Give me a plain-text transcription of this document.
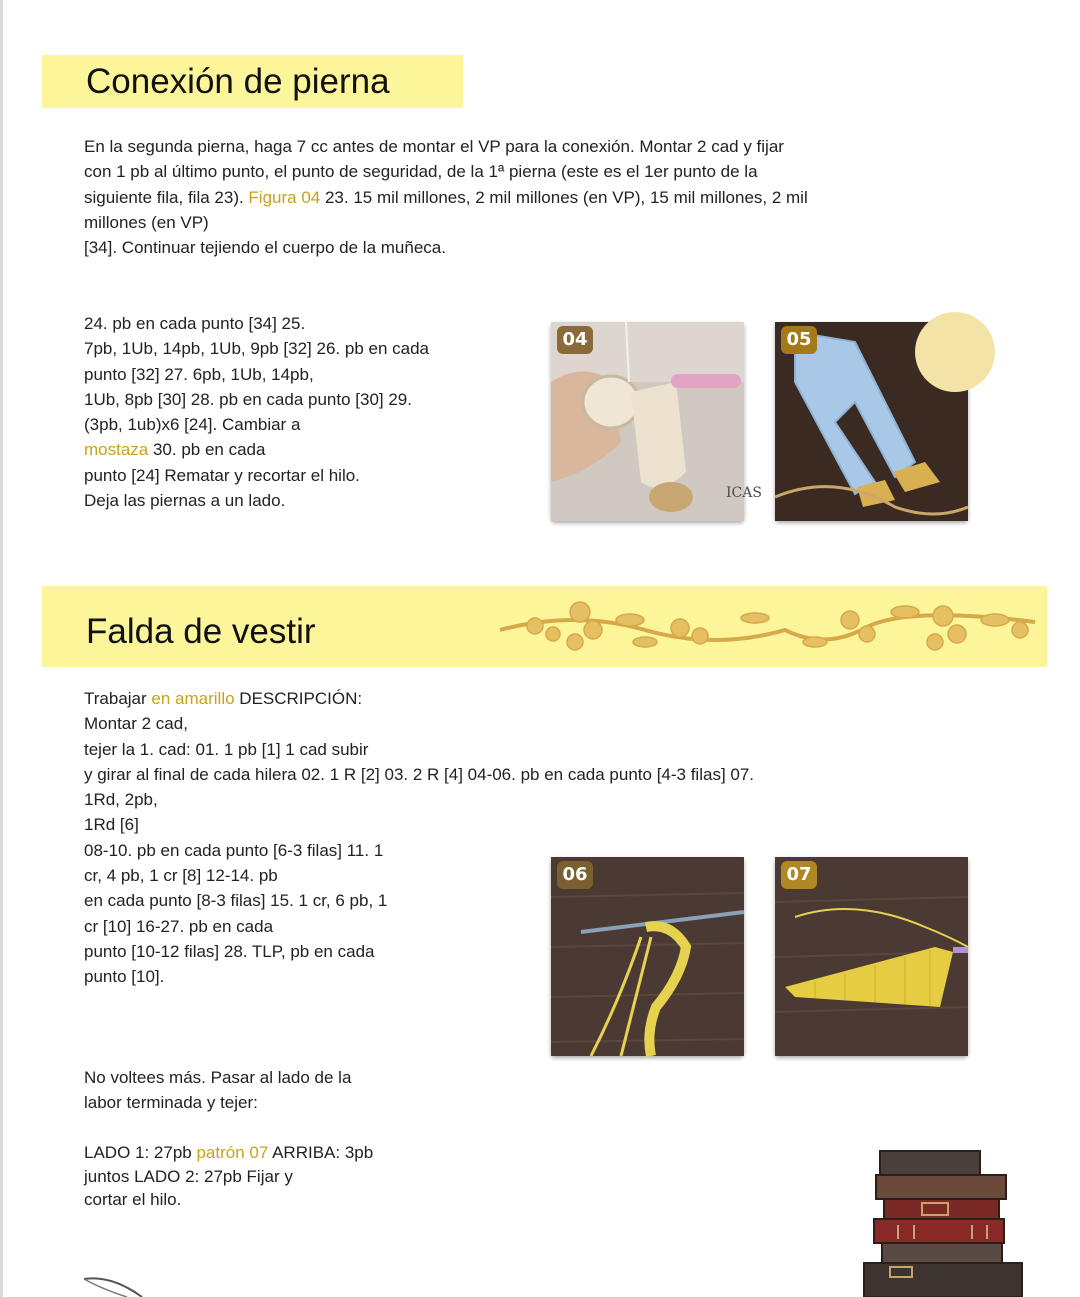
Conexión de pierna
En la segunda pierna, haga 7 cc antes de montar el VP para la conexión. Montar 2 cad y fijar
con 1 pb al último punto, el punto de seguridad, de la 1ª pierna (este es el 1er punto de la
siguiente fila, fila 23). Figura 04 23. 15 mil millones, 2 mil millones (en VP), 15 mil millones, 2 mil
millones (en VP)
[34]. Continuar tejiendo el cuerpo de la muñeca.
24. pb en cada punto [34] 25.
7pb, 1Ub, 14pb, 1Ub, 9pb [32] 26. pb en cada
punto [32] 27. 6pb, 1Ub, 14pb,
1Ub, 8pb [30] 28. pb en cada punto [30] 29.
(3pb, 1ub)x6 [24]. Cambiar a
mostaza 30. pb en cada
punto [24] Rematar y recortar el hilo.
Deja las piernas a un lado.	ICAS
04	05
Falda de vestir
Trabajar en amarillo DESCRIPCIÓN:
Montar 2 cad,
tejer la 1. cad: 01. 1 pb [1] 1 cad subir
y girar al final de cada hilera 02. 1 R [2] 03. 2 R [4] 04-06. pb en cada punto [4-3 filas] 07.
1Rd, 2pb,
1Rd [6]
08-10. pb en cada punto [6-3 filas] 11. 1
cr, 4 pb, 1 cr [8] 12-14. pb
en cada punto [8-3 filas] 15. 1 cr, 6 pb, 1
cr [10] 16-27. pb en cada
punto [10-12 filas] 28. TLP, pb en cada
punto [10].
06	07
No voltees más. Pasar al lado de la
labor terminada y tejer:
LADO 1: 27pb patrón 07 ARRIBA: 3pb
juntos LADO 2: 27pb Fijar y
cortar el hilo.
